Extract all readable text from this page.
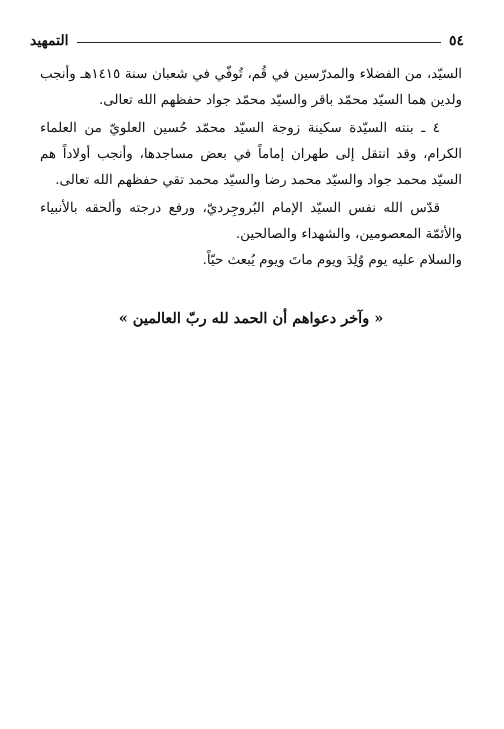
٥٤
التمهيد

السيّد، من الفضلاء والمدرّسين في قُم، تُوفّي في شعبان سنة ١٤١٥هـ وأنجب ولدين هما السيّد محمّد باقر والسيّد محمّد جواد حفظهم الله تعالى.

٤ ـ بنته السيّدة سكينة زوجة السيّد محمّد حُسين العلويّ من العلماء الكرام، وقد انتقل إلى طهران إماماً في بعض مساجدها، وأنجب أولاداً هم السيّد محمد جواد والسيّد محمد رضا والسيّد محمد تقي حفظهم الله تعالى.

قدّس الله نفس السيّد الإمام البُروجِرديّ، ورفع درجته وألحقه بالأنبياء والأئمّة المعصومين، والشهداء والصالحين.

والسلام عليه يوم وُلِدَ ويوم ماتَ ويوم يُبعث حيّاً.

« وآخر دعواهم أن الحمد لله ربّ العالمين »
